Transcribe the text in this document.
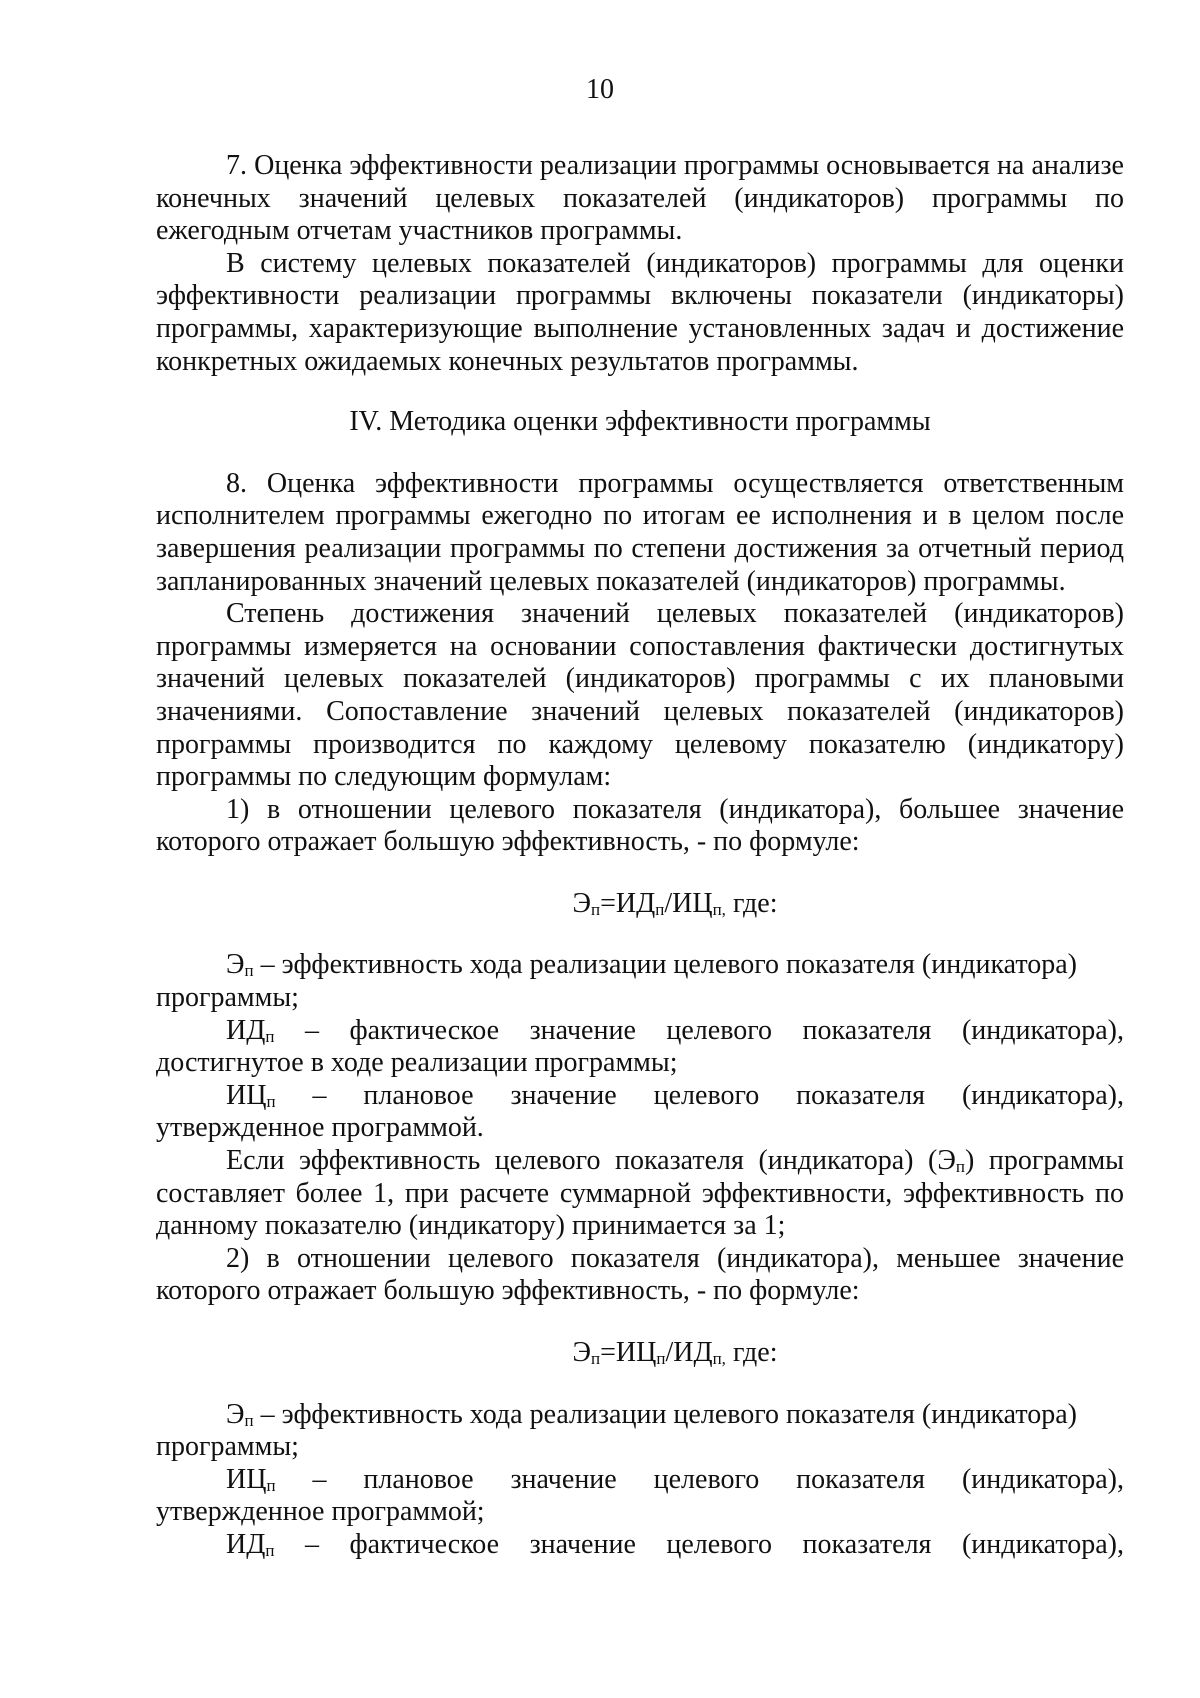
10

7. Оценка эффективности реализации программы основывается на анализе конечных значений целевых показателей (индикаторов) программы по ежегодным отчетам участников программы.

В систему целевых показателей (индикаторов) программы для оценки эффективности реализации программы включены показатели (индикаторы) программы, характеризующие выполнение установленных задач и достижение конкретных ожидаемых конечных результатов программы.

IV. Методика оценки эффективности программы

8. Оценка эффективности программы осуществляется ответственным исполнителем программы ежегодно по итогам ее исполнения и в целом после завершения реализации программы по степени достижения за отчетный период запланированных значений целевых показателей (индикаторов) программы.

Степень достижения значений целевых показателей (индикаторов) программы измеряется на основании сопоставления фактически достигнутых значений целевых показателей (индикаторов) программы с их плановыми значениями. Сопоставление значений целевых показателей (индикаторов) программы производится по каждому целевому показателю (индикатору) программы по следующим формулам:

1) в отношении целевого показателя (индикатора), большее значение которого отражает большую эффективность, - по формуле:

$Э_п=ИД_п/ИЦ_{п,}$ где:

$Э_п$ – эффективность хода реализации целевого показателя (индикатора)

программы;

$ИД_п$ – фактическое значение целевого показателя (индикатора),

достигнутое в ходе реализации программы;

$ИЦ_п$ – плановое значение целевого показателя (индикатора),

утвержденное программой.

Если эффективность целевого показателя (индикатора) $(Э_п)$ программы составляет более 1, при расчете суммарной эффективности, эффективность по данному показателю (индикатору) принимается за 1;

2) в отношении целевого показателя (индикатора), меньшее значение которого отражает большую эффективность, - по формуле:

$Э_п=ИЦ_п/ИД_{п,}$ где:

$Э_п$ – эффективность хода реализации целевого показателя (индикатора)

программы;

$ИЦ_п$ – плановое значение целевого показателя (индикатора),

утвержденное программой;

$ИД_п$ – фактическое значение целевого показателя (индикатора),
